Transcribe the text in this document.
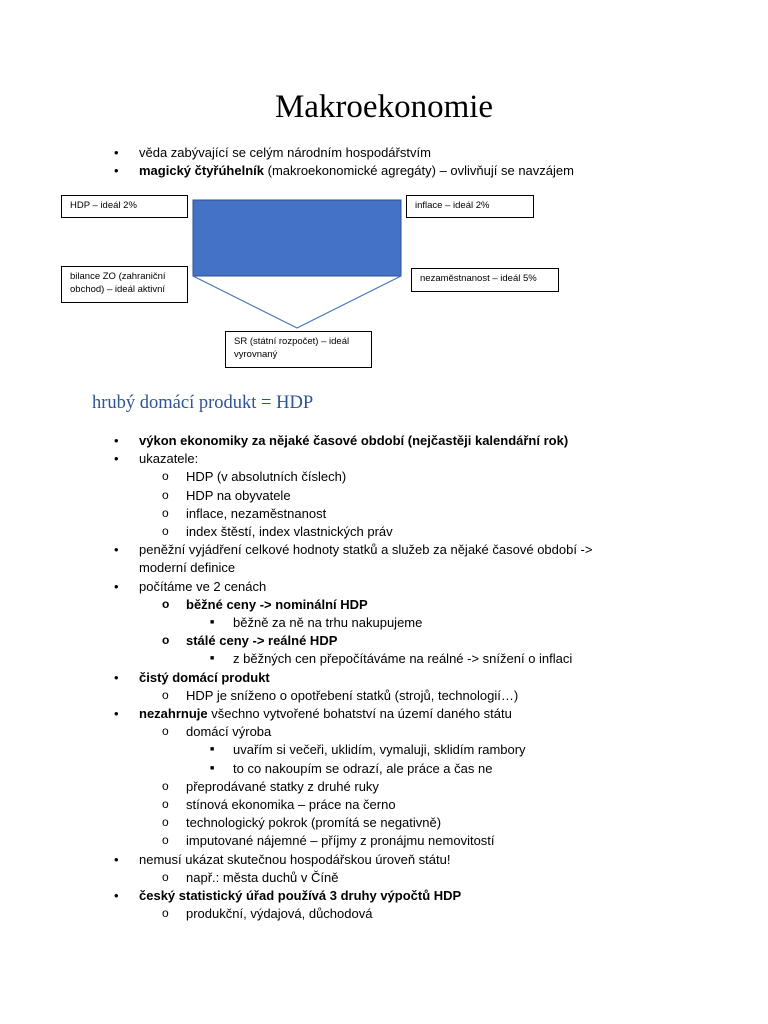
Makroekonomie
• věda zabývající se celým národním hospodářstvím
• magický čtyřúhelník (makroekonomické agregáty) – ovlivňují se navzájem
HDP – ideál 2%	inflace – ideál 2%
bilance ZO (zahraniční obchod) – ideál aktivní
nezaměstnanost – ideál 5%
SR (státní rozpočet) – ideál vyrovnaný
hrubý domácí produkt = HDP
• výkon ekonomiky za nějaké časové období (nejčastěji kalendářní rok)
• ukazatele:
o HDP (v absolutních číslech)
o HDP na obyvatele
o inflace, nezaměstnanost
o index štěstí, index vlastnických práv
• peněžní vyjádření celkové hodnoty statků a služeb za nějaké časové období -> moderní definice
• počítáme ve 2 cenách
o běžné ceny -> nominální HDP
■ běžně za ně na trhu nakupujeme
o stálé ceny -> reálné HDP
■ z běžných cen přepočítáváme na reálné -> snížení o inflaci
• čistý domácí produkt
o HDP je sníženo o opotřebení statků (strojů, technologií…)
• nezahrnuje všechno vytvořené bohatství na území daného státu
o domácí výroba
■ uvařím si večeři, uklidím, vymaluji, sklidím rambory
■ to co nakoupím se odrazí, ale práce a čas ne
o přeprodávané statky z druhé ruky
o stínová ekonomika – práce na černo
o technologický pokrok (promítá se negativně)
o imputované nájemné – příjmy z pronájmu nemovitostí
• nemusí ukázat skutečnou hospodářskou úroveň státu!
o např.: města duchů v Číně
• český statistický úřad používá 3 druhy výpočtů HDP
o produkční, výdajová, důchodová
